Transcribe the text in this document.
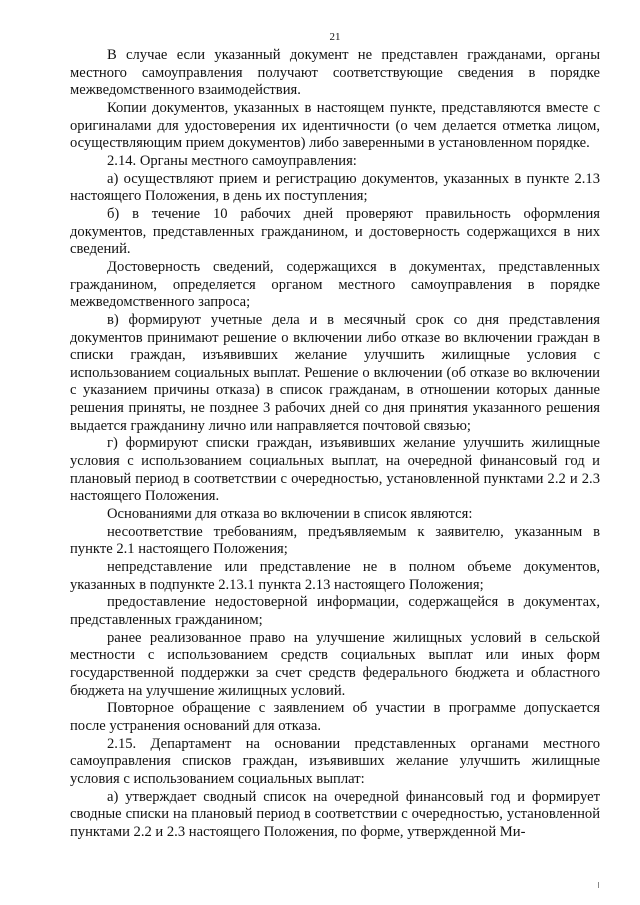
21

В случае если указанный документ не представлен гражданами, органы местного самоуправления получают соответствующие сведения в порядке межведомственного взаимодействия.

Копии документов, указанных в настоящем пункте, представляются вместе с оригиналами для удостоверения их идентичности (о чем делается отметка лицом, осуществляющим прием документов) либо заверенными в установленном порядке.

2.14. Органы местного самоуправления:

а) осуществляют прием и регистрацию документов, указанных в пункте 2.13 настоящего Положения, в день их поступления;

б) в течение 10 рабочих дней проверяют правильность оформления документов, представленных гражданином, и достоверность содержащихся в них сведений.

Достоверность сведений, содержащихся в документах, представленных гражданином, определяется органом местного самоуправления в порядке межведомственного запроса;

в) формируют учетные дела и в месячный срок со дня представления документов принимают решение о включении либо отказе во включении граждан в списки граждан, изъявивших желание улучшить жилищные условия с использованием социальных выплат. Решение о включении (об отказе во включении с указанием причины отказа) в список гражданам, в отношении которых данные решения приняты, не позднее 3 рабочих дней со дня принятия указанного решения выдается гражданину лично или направляется почтовой связью;

г) формируют списки граждан, изъявивших желание улучшить жилищные условия с использованием социальных выплат, на очередной финансовый год и плановый период в соответствии с очередностью, установленной пунктами 2.2 и 2.3 настоящего Положения.

Основаниями для отказа во включении в список являются:

несоответствие требованиям, предъявляемым к заявителю, указанным в пункте 2.1 настоящего Положения;

непредставление или представление не в полном объеме документов, указанных в подпункте 2.13.1 пункта 2.13 настоящего Положения;

предоставление недостоверной информации, содержащейся в документах, представленных гражданином;

ранее реализованное право на улучшение жилищных условий в сельской местности с использованием средств социальных выплат или иных форм государственной поддержки за счет средств федерального бюджета и областного бюджета на улучшение жилищных условий.

Повторное обращение с заявлением об участии в программе допускается после устранения оснований для отказа.

2.15. Департамент на основании представленных органами местного самоуправления списков граждан, изъявивших желание улучшить жилищные условия с использованием социальных выплат:

а) утверждает сводный список на очередной финансовый год и формирует сводные списки на плановый период в соответствии с очередностью, установленной пунктами 2.2 и 2.3 настоящего Положения, по форме, утвержденной Ми-
